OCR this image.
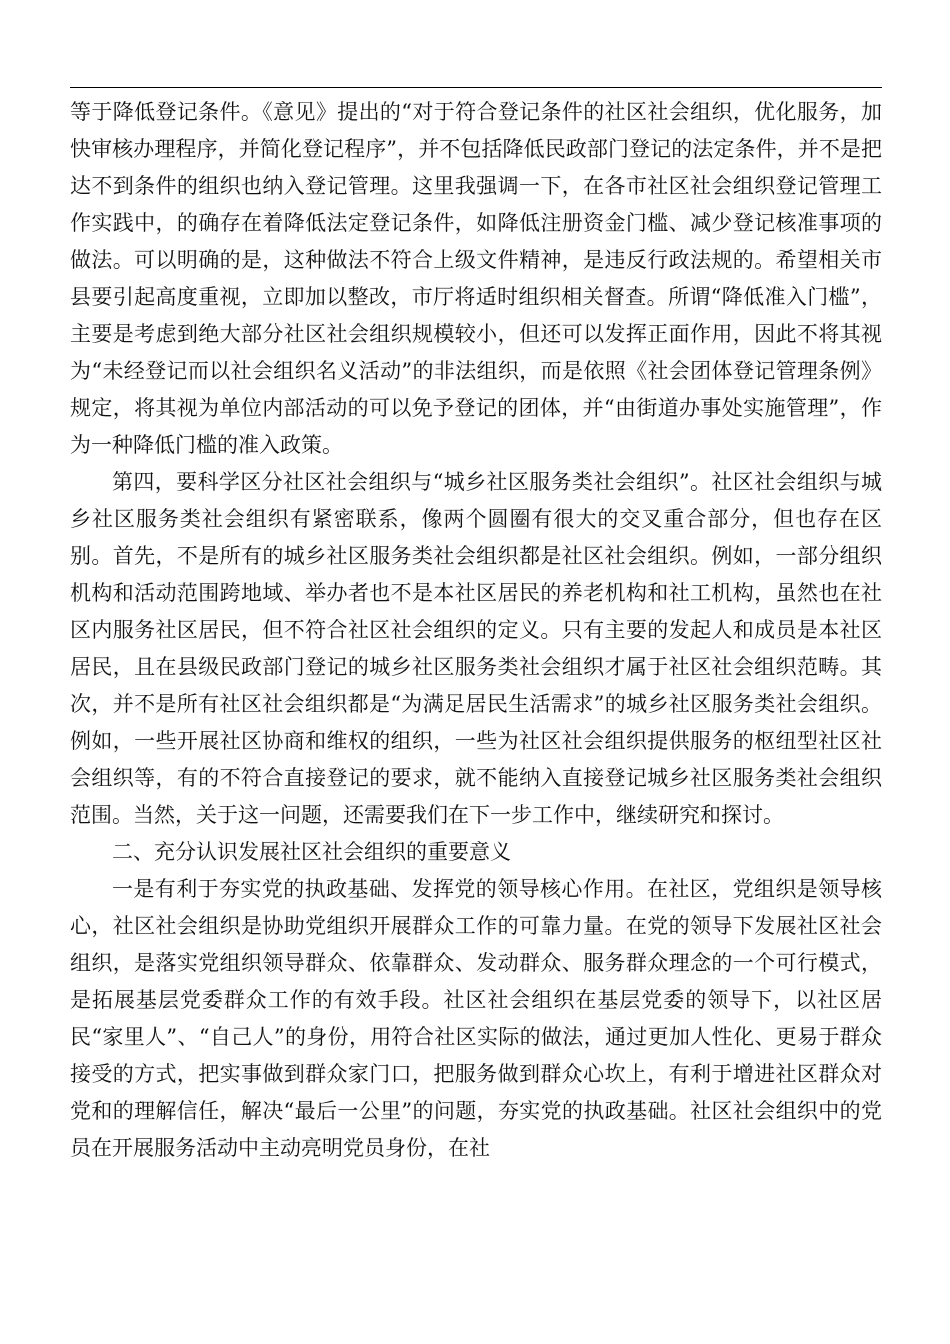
等于降低登记条件。《意见》提出的“对于符合登记条件的社区社会组织，优化服务，加快审核办理程序，并简化登记程序”，并不包括降低民政部门登记的法定条件，并不是把达不到条件的组织也纳入登记管理。这里我强调一下，在各市社区社会组织登记管理工作实践中，的确存在着降低法定登记条件，如降低注册资金门槛、减少登记核准事项的做法。可以明确的是，这种做法不符合上级文件精神，是违反行政法规的。希望相关市县要引起高度重视，立即加以整改，市厅将适时组织相关督查。所谓“降低准入门槛”，主要是考虑到绝大部分社区社会组织规模较小，但还可以发挥正面作用，因此不将其视为“未经登记而以社会组织名义活动”的非法组织，而是依照《社会团体登记管理条例》规定，将其视为单位内部活动的可以免予登记的团体，并“由街道办事处实施管理”，作为一种降低门槛的准入政策。

第四，要科学区分社区社会组织与“城乡社区服务类社会组织”。社区社会组织与城乡社区服务类社会组织有紧密联系，像两个圆圈有很大的交叉重合部分，但也存在区别。首先，不是所有的城乡社区服务类社会组织都是社区社会组织。例如，一部分组织机构和活动范围跨地域、举办者也不是本社区居民的养老机构和社工机构，虽然也在社区内服务社区居民，但不符合社区社会组织的定义。只有主要的发起人和成员是本社区居民，且在县级民政部门登记的城乡社区服务类社会组织才属于社区社会组织范畴。其次，并不是所有社区社会组织都是“为满足居民生活需求”的城乡社区服务类社会组织。例如，一些开展社区协商和维权的组织，一些为社区社会组织提供服务的枢纽型社区社会组织等，有的不符合直接登记的要求，就不能纳入直接登记城乡社区服务类社会组织范围。当然，关于这一问题，还需要我们在下一步工作中，继续研究和探讨。

二、充分认识发展社区社会组织的重要意义

一是有利于夯实党的执政基础、发挥党的领导核心作用。在社区，党组织是领导核心，社区社会组织是协助党组织开展群众工作的可靠力量。在党的领导下发展社区社会组织，是落实党组织领导群众、依靠群众、发动群众、服务群众理念的一个可行模式，是拓展基层党委群众工作的有效手段。社区社会组织在基层党委的领导下，以社区居民“家里人”、“自己人”的身份，用符合社区实际的做法，通过更加人性化、更易于群众接受的方式，把实事做到群众家门口，把服务做到群众心坎上，有利于增进社区群众对党和的理解信任，解决“最后一公里”的问题，夯实党的执政基础。社区社会组织中的党员在开展服务活动中主动亮明党员身份，在社
